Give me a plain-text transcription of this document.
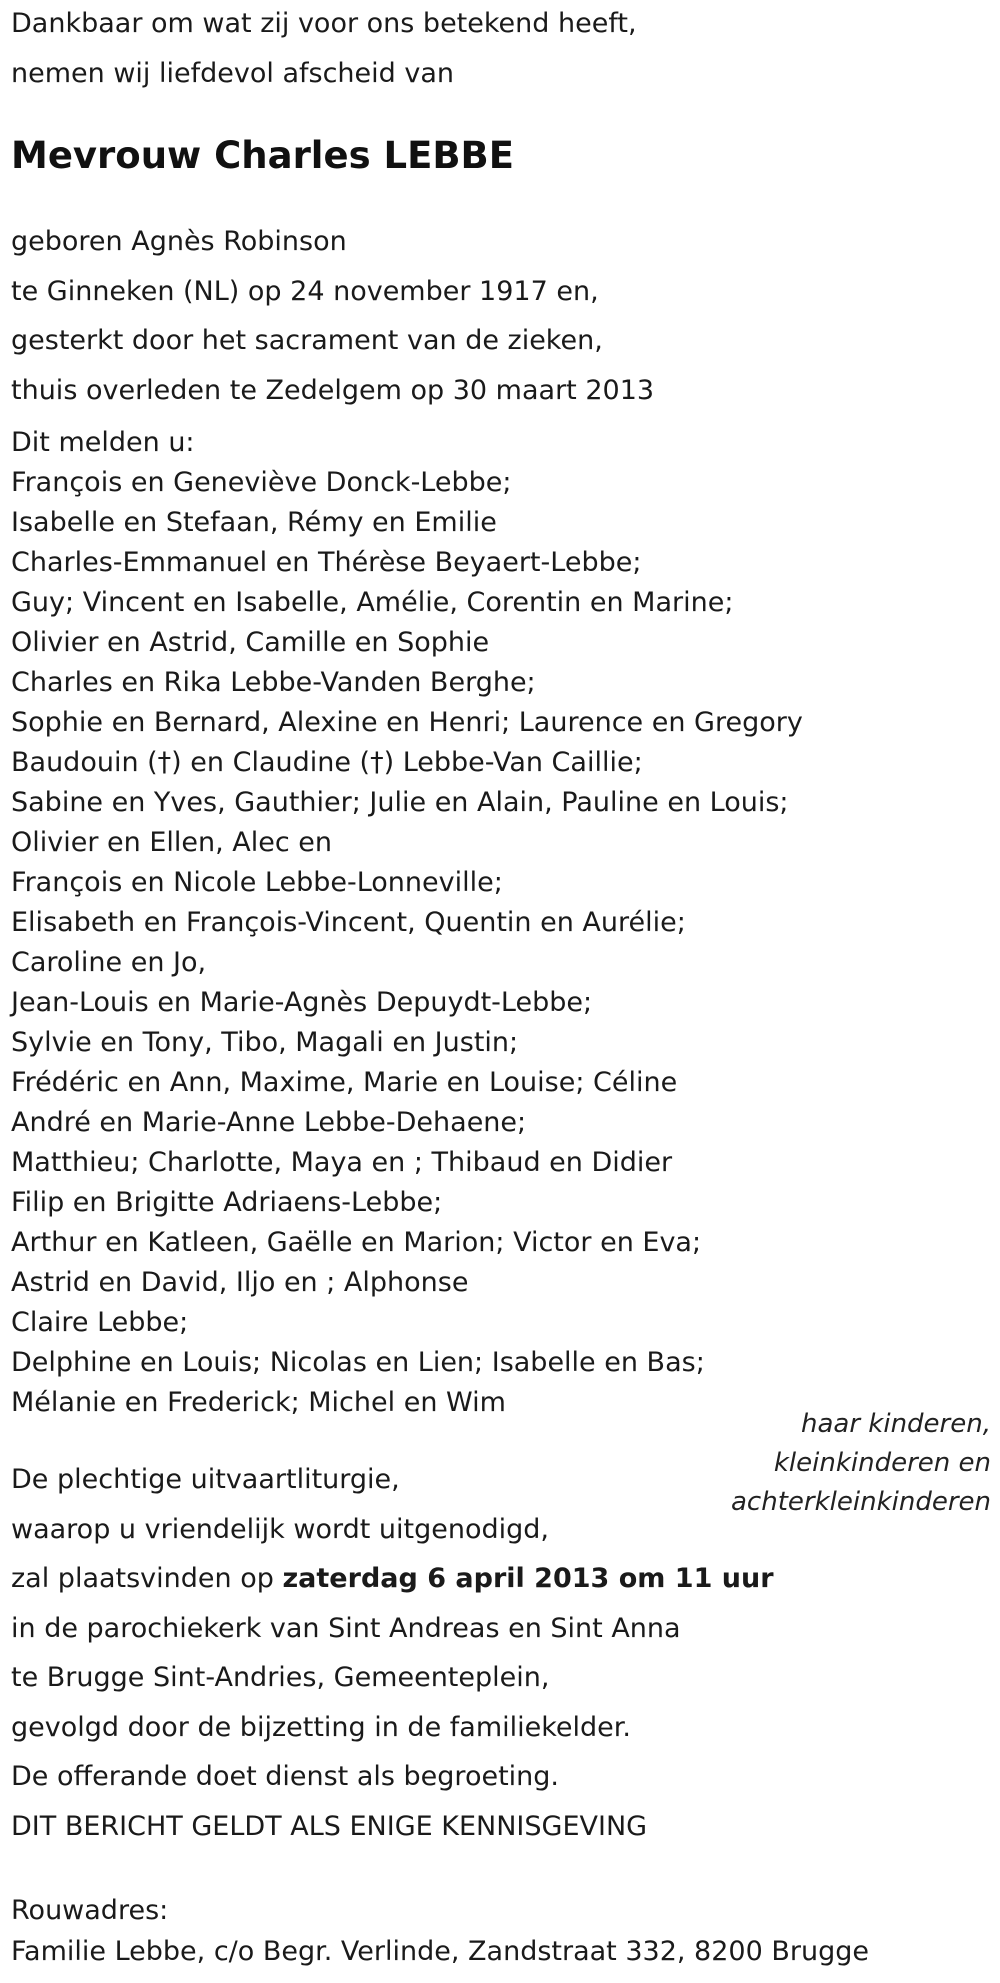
Dankbaar om wat zij voor ons betekend heeft,
nemen wij liefdevol afscheid van
Mevrouw Charles LEBBE
geboren Agnès Robinson
te Ginneken (NL) op 24 november 1917 en,
gesterkt door het sacrament van de zieken,
thuis overleden te Zedelgem op 30 maart 2013
Dit melden u:
François en Geneviève Donck-Lebbe;
Isabelle en Stefaan, Rémy en Emilie
Charles-Emmanuel en Thérèse Beyaert-Lebbe;
Guy; Vincent en Isabelle, Amélie, Corentin en Marine;
Olivier en Astrid, Camille en Sophie
Charles en Rika Lebbe-Vanden Berghe;
Sophie en Bernard, Alexine en Henri; Laurence en Gregory
Baudouin (†) en Claudine (†) Lebbe-Van Caillie;
Sabine en Yves, Gauthier; Julie en Alain, Pauline en Louis;
Olivier en Ellen, Alec en
François en Nicole Lebbe-Lonneville;
Elisabeth en François-Vincent, Quentin en Aurélie;
Caroline en Jo,
Jean-Louis en Marie-Agnès Depuydt-Lebbe;
Sylvie en Tony, Tibo, Magali en Justin;
Frédéric en Ann, Maxime, Marie en Louise; Céline
André en Marie-Anne Lebbe-Dehaene;
Matthieu; Charlotte, Maya en ; Thibaud en Didier
Filip en Brigitte Adriaens-Lebbe;
Arthur en Katleen, Gaëlle en Marion; Victor en Eva;
Astrid en David, Iljo en ; Alphonse
Claire Lebbe;
Delphine en Louis; Nicolas en Lien; Isabelle en Bas;
Mélanie en Frederick; Michel en Wim
haar kinderen,
kleinkinderen en
achterkleinkinderen
De plechtige uitvaartliturgie,
waarop u vriendelijk wordt uitgenodigd,
zal plaatsvinden op zaterdag 6 april 2013 om 11 uur
in de parochiekerk van Sint Andreas en Sint Anna
te Brugge Sint-Andries, Gemeenteplein,
gevolgd door de bijzetting in de familiekelder.
De offerande doet dienst als begroeting.
DIT BERICHT GELDT ALS ENIGE KENNISGEVING
Rouwadres:
Familie Lebbe, c/o Begr. Verlinde, Zandstraat 332, 8200 Brugge
